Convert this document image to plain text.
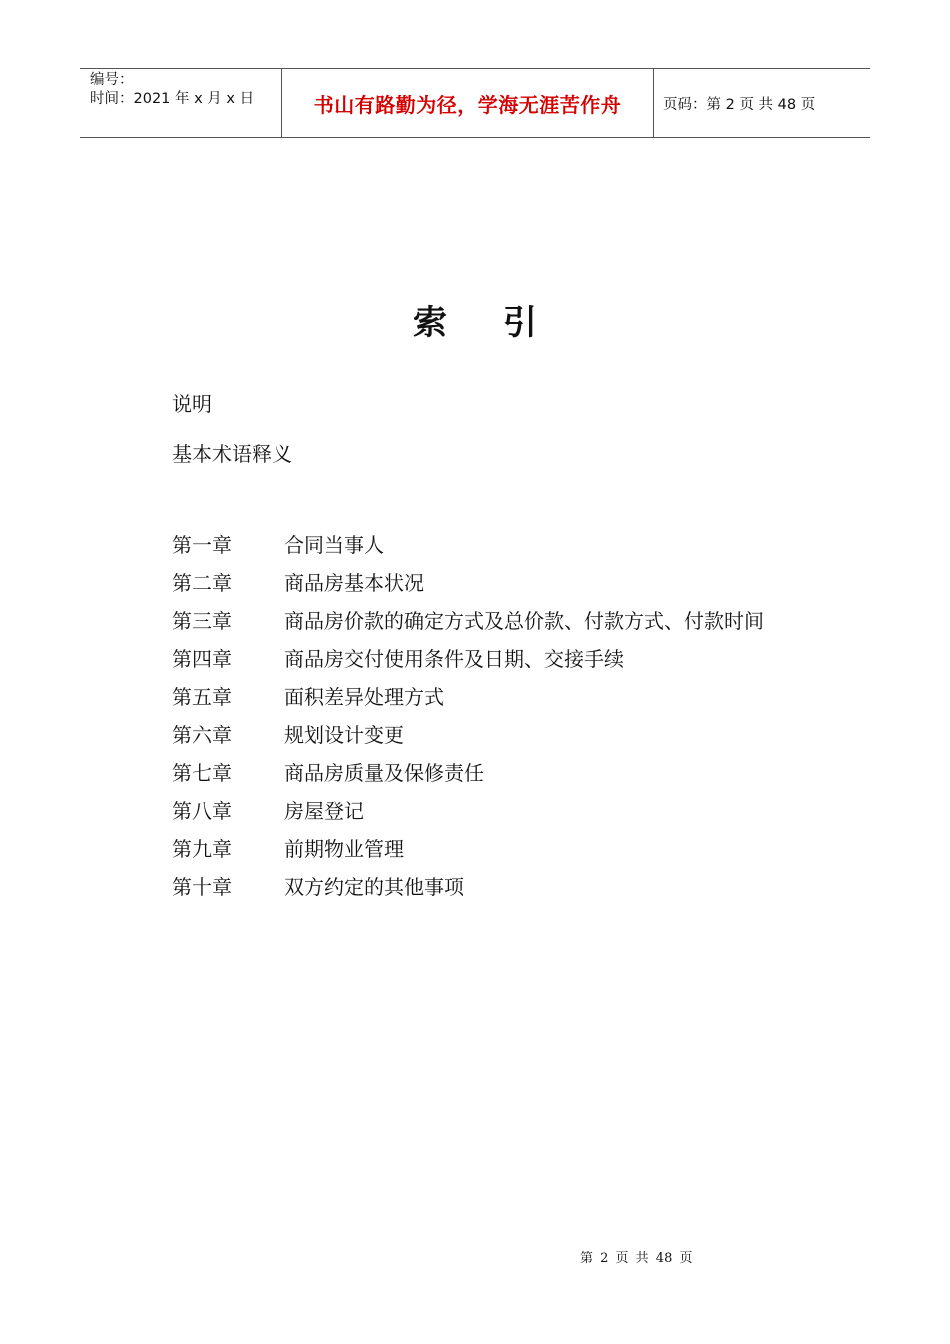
编号：
时间：2021 年 x 月 x 日	书山有路勤为径，学海无涯苦作舟	页码：第 2 页 共 48 页
索引
说明
基本术语释义
第一章	合同当事人
第二章	商品房基本状况
第三章	商品房价款的确定方式及总价款、付款方式、付款时间
第四章	商品房交付使用条件及日期、交接手续
第五章	面积差异处理方式
第六章	规划设计变更
第七章	商品房质量及保修责任
第八章	房屋登记
第九章	前期物业管理
第十章	双方约定的其他事项
第 2 页 共 48 页
